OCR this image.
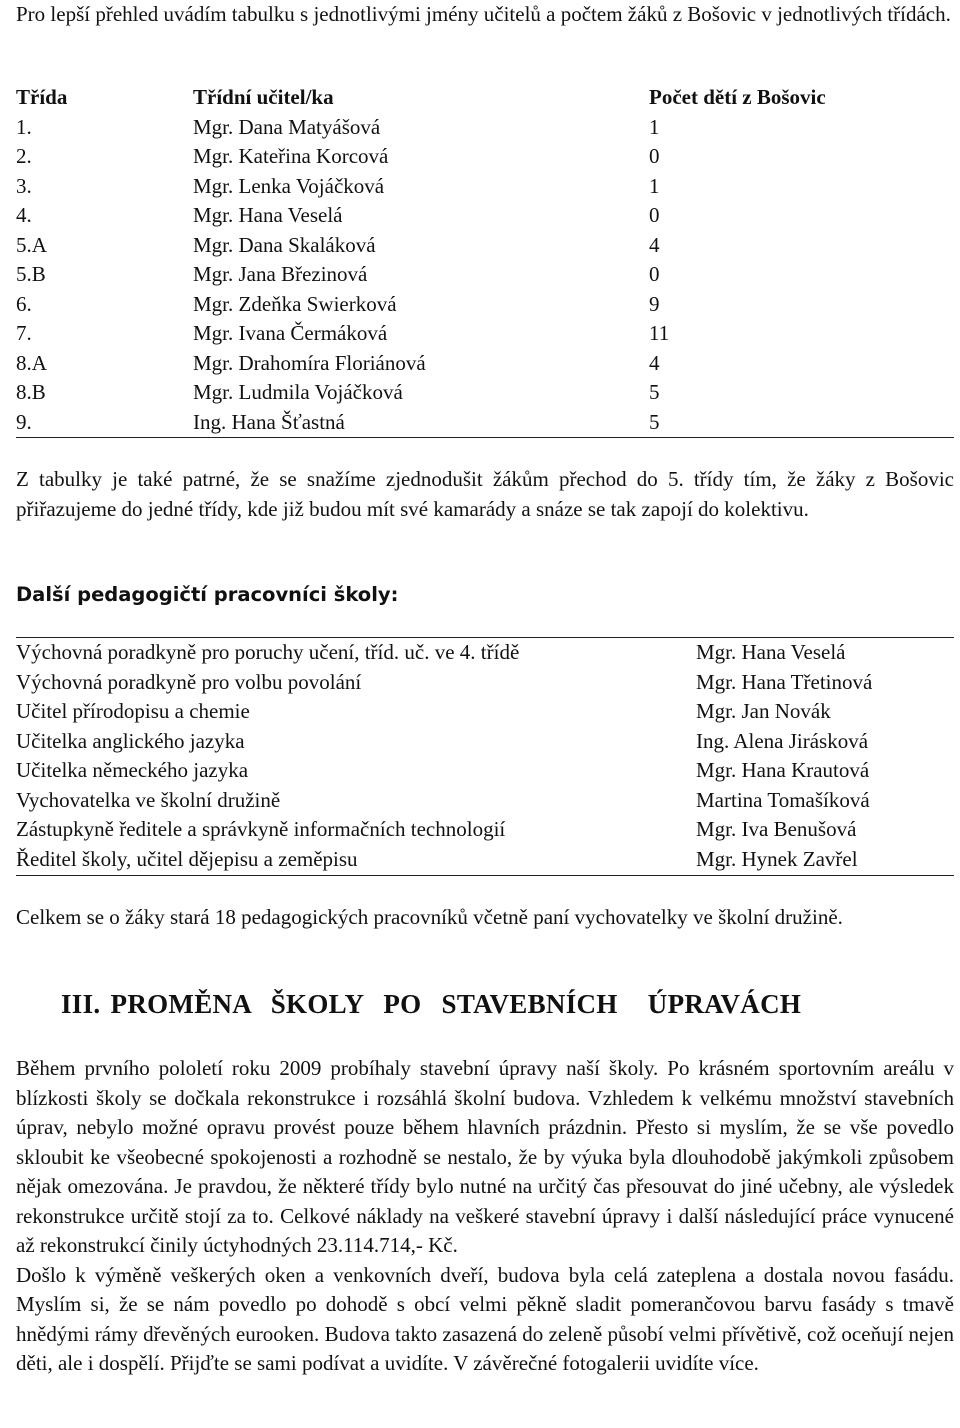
Pro lepší přehled uvádím tabulku s jednotlivými jmény učitelů a počtem žáků z Bošovic v jednotlivých třídách.

Třída	Třídní učitel/ka	Počet dětí z Bošovic
1.	Mgr. Dana Matyášová	1
2.	Mgr. Kateřina Korcová	0
3.	Mgr. Lenka Vojáčková	1
4.	Mgr. Hana Veselá	0
5.A	Mgr. Dana Skaláková	4
5.B	Mgr. Jana Březinová	0
6.	Mgr. Zdeňka Swierková	9
7.	Mgr. Ivana Čermáková	11
8.A	Mgr. Drahomíra Floriánová	4
8.B	Mgr. Ludmila Vojáčková	5
9.	Ing. Hana Šťastná	5

Z tabulky je také patrné, že se snažíme zjednodušit žákům přechod do 5. třídy tím, že žáky z Bošovic přiřazujeme do jedné třídy, kde již budou mít své kamarády a snáze se tak zapojí do kolektivu.

Další pedagogičtí pracovníci školy:
Výchovná poradkyně pro poruchy učení, tříd. uč. ve 4. třídě	Mgr. Hana Veselá
Výchovná poradkyně pro volbu povolání	Mgr. Hana Třetinová
Učitel přírodopisu a chemie	Mgr. Jan Novák
Učitelka anglického jazyka	Ing. Alena Jirásková
Učitelka německého jazyka	Mgr. Hana Krautová
Vychovatelka ve školní družině	Martina Tomašíková
Zástupkyně ředitele a správkyně informačních technologií	Mgr. Iva Benušová
Ředitel školy, učitel dějepisu a zeměpisu	Mgr. Hynek Zavřel

Celkem se o žáky stará 18 pedagogických pracovníků včetně paní vychovatelky ve školní družině.

III. PROMĚNA  ŠKOLY  PO  STAVEBNÍCH   ÚPRAVÁCH

Během prvního pololetí roku 2009 probíhaly stavební úpravy naší školy. Po krásném sportovním areálu v blízkosti školy se dočkala rekonstrukce i rozsáhlá školní budova. Vzhledem k velkému množství stavebních úprav, nebylo možné opravu provést pouze během hlavních prázdnin. Přesto si myslím, že se vše povedlo skloubit ke všeobecné spokojenosti a rozhodně se nestalo, že by výuka byla dlouhodobě jakýmkoli způsobem nějak omezována. Je pravdou, že některé třídy bylo nutné na určitý čas přesouvat do jiné učebny, ale výsledek rekonstrukce určitě stojí za to. Celkové náklady na veškeré stavební úpravy i další následující práce vynucené až rekonstrukcí činily úctyhodných 23.114.714,- Kč.

Došlo k výměně veškerých oken a venkovních dveří, budova byla celá zateplena a dostala novou fasádu. Myslím si, že se nám povedlo po dohodě s obcí velmi pěkně sladit pomerančovou barvu fasády s tmavě hnědými rámy dřevěných eurooken. Budova takto zasazená do zeleně působí velmi přívětivě, což oceňují nejen děti, ale i dospělí. Přijďte se sami podívat a uvidíte. V závěrečné fotogalerii uvidíte více.
